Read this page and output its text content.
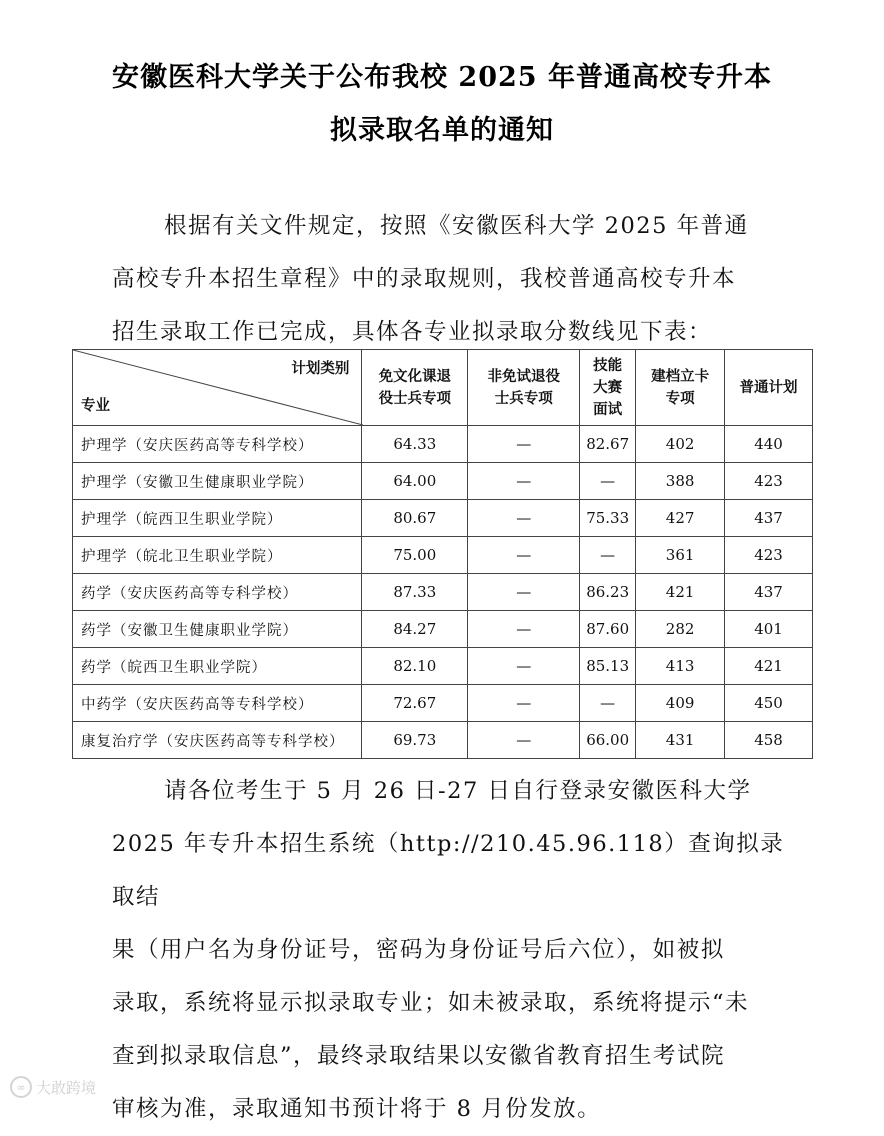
安徽医科大学关于公布我校 2025 年普通高校专升本
拟录取名单的通知

根据有关文件规定，按照《安徽医科大学 2025 年普通

高校专升本招生章程》中的录取规则，我校普通高校专升本

招生录取工作已完成，具体各专业拟录取分数线见下表：

计划类别
专业	免文化课退役士兵专项	非免试退役士兵专项	技能大赛面试	建档立卡专项	普通计划

护理学（安庆医药高等专科学校）	64.33	—	82.67	402	440
护理学（安徽卫生健康职业学院）	64.00	—	—	388	423
护理学（皖西卫生职业学院）	80.67	—	75.33	427	437
护理学（皖北卫生职业学院）	75.00	—	—	361	423
药学（安庆医药高等专科学校）	87.33	—	86.23	421	437
药学（安徽卫生健康职业学院）	84.27	—	87.60	282	401
药学（皖西卫生职业学院）	82.10	—	85.13	413	421
中药学（安庆医药高等专科学校）	72.67	—	—	409	450
康复治疗学（安庆医药高等专科学校）	69.73	—	66.00	431	458

请各位考生于 5 月 26 日-27 日自行登录安徽医科大学

2025 年专升本招生系统（http://210.45.96.118）查询拟录取结

果（用户名为身份证号，密码为身份证号后六位），如被拟

录取，系统将显示拟录取专业；如未被录取，系统将提示“未

查到拟录取信息”，最终录取结果以安徽省教育招生考试院

审核为准，录取通知书预计将于 8 月份发放。

∞ 大敢跨境
